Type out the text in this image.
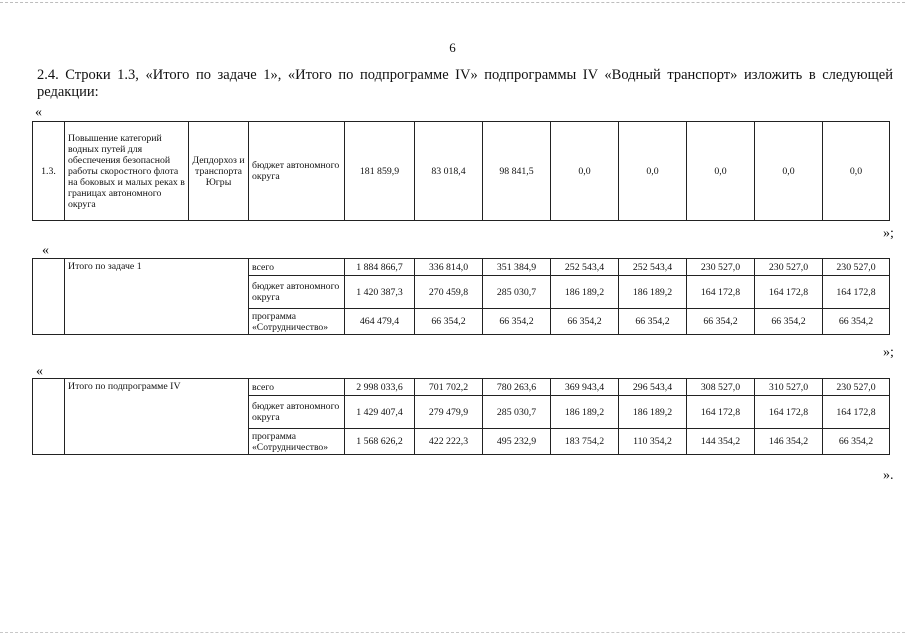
6
2.4. Строки 1.3, «Итого по задаче 1», «Итого по подпрограмме IV» подпрограммы IV «Водный транспорт» изложить в следующей редакции:
«
1.3.	Повышение категорий водных путей для обеспечения безопасной работы скоростного флота на боковых и малых реках в границах автономного округа	Депдорхоз и транспорта Югры	бюджет автономного округа	181 859,9	83 018,4	98 841,5	0,0	0,0	0,0	0,0	0,0
»;
«
	Итого по задаче 1	всего	1 884 866,7	336 814,0	351 384,9	252 543,4	252 543,4	230 527,0	230 527,0	230 527,0
		бюджет автономного округа	1 420 387,3	270 459,8	285 030,7	186 189,2	186 189,2	164 172,8	164 172,8	164 172,8
		программа «Сотрудничество»	464 479,4	66 354,2	66 354,2	66 354,2	66 354,2	66 354,2	66 354,2	66 354,2
»;
«
	Итого по подпрограмме IV	всего	2 998 033,6	701 702,2	780 263,6	369 943,4	296 543,4	308 527,0	310 527,0	230 527,0
		бюджет автономного округа	1 429 407,4	279 479,9	285 030,7	186 189,2	186 189,2	164 172,8	164 172,8	164 172,8
		программа «Сотрудничество»	1 568 626,2	422 222,3	495 232,9	183 754,2	110 354,2	144 354,2	146 354,2	66 354,2
».
